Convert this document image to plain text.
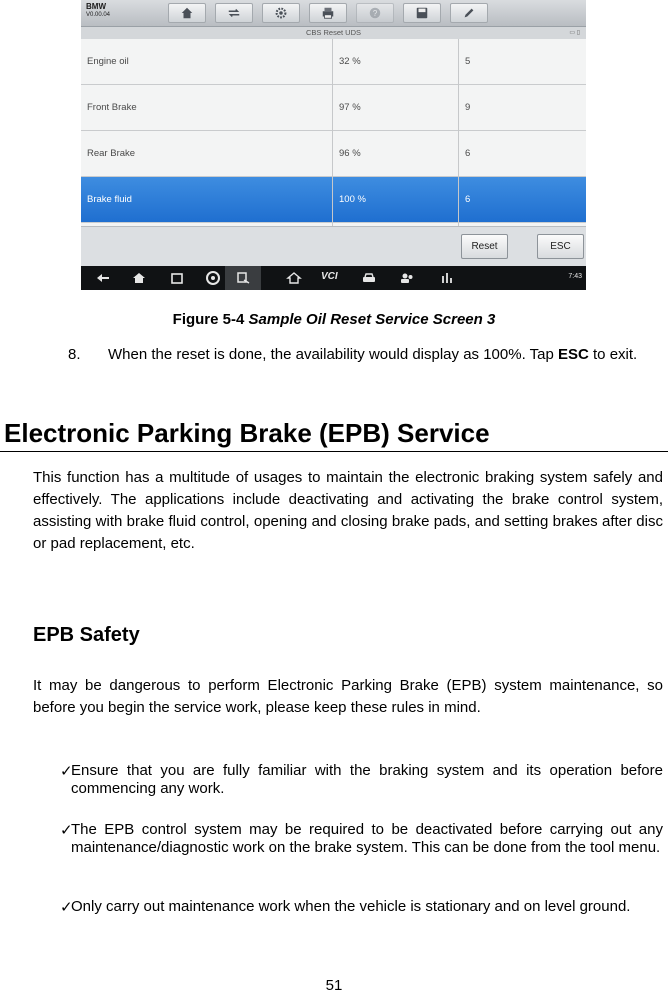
BMW
V0.00.04	?
CBS Reset UDS	▭ ▯
Engine oil	32 %	5
Front Brake	97 %	9
Rear Brake	96 %	6
Brake fluid	100 %	6
Reset	ESC
VCI	7:43
Figure 5-4 Sample Oil Reset Service Screen 3
8. When the reset is done, the availability would display as 100%. Tap ESC to exit.
Electronic Parking Brake (EPB) Service
This function has a multitude of usages to maintain the electronic braking system safely and effectively. The applications include deactivating and activating the brake control system, assisting with brake fluid control, opening and closing brake pads, and setting brakes after disc or pad replacement, etc.
EPB Safety
It may be dangerous to perform Electronic Parking Brake (EPB) system maintenance, so before you begin the service work, please keep these rules in mind.
✓
Ensure that you are fully familiar with the braking system and its operation before commencing any work.
✓
The EPB control system may be required to be deactivated before carrying out any maintenance/diagnostic work on the brake system. This can be done from the tool menu.
✓
Only carry out maintenance work when the vehicle is stationary and on level ground.
51
